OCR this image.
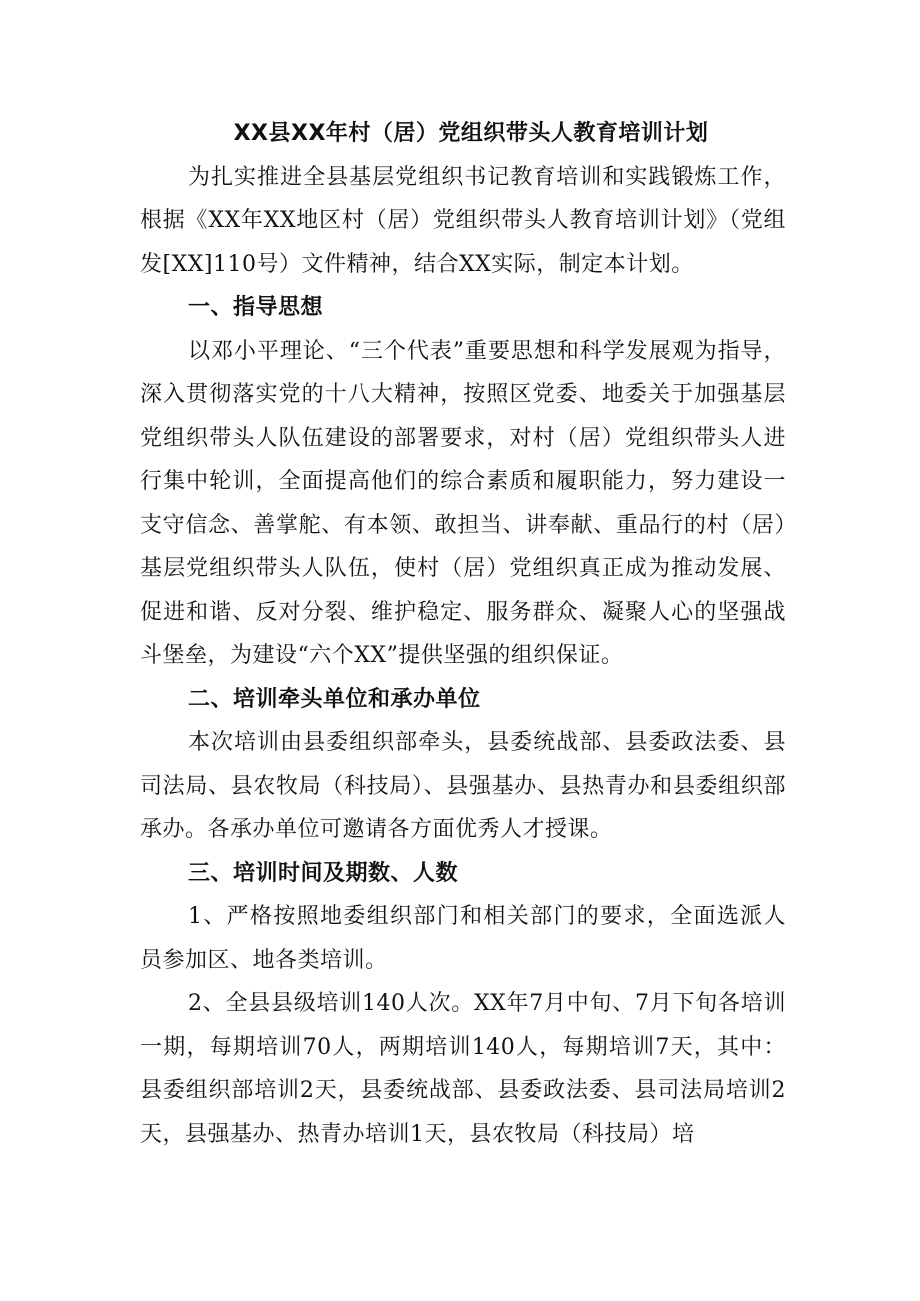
XX县XX年村（居）党组织带头人教育培训计划

为扎实推进全县基层党组织书记教育培训和实践锻炼工作，根据《XX年XX地区村（居）党组织带头人教育培训计划》（党组发[XX]110号）文件精神，结合XX实际，制定本计划。

一、指导思想

以邓小平理论、“三个代表”重要思想和科学发展观为指导，深入贯彻落实党的十八大精神，按照区党委、地委关于加强基层党组织带头人队伍建设的部署要求，对村（居）党组织带头人进行集中轮训，全面提高他们的综合素质和履职能力，努力建设一支守信念、善掌舵、有本领、敢担当、讲奉献、重品行的村（居）基层党组织带头人队伍，使村（居）党组织真正成为推动发展、促进和谐、反对分裂、维护稳定、服务群众、凝聚人心的坚强战斗堡垒，为建设“六个XX”提供坚强的组织保证。

二、培训牵头单位和承办单位

本次培训由县委组织部牵头，县委统战部、县委政法委、县司法局、县农牧局（科技局）、县强基办、县热青办和县委组织部承办。各承办单位可邀请各方面优秀人才授课。

三、培训时间及期数、人数

1、严格按照地委组织部门和相关部门的要求，全面选派人员参加区、地各类培训。

2、全县县级培训140人次。XX年7月中旬、7月下旬各培训一期，每期培训70人，两期培训140人，每期培训7天，其中：县委组织部培训2天，县委统战部、县委政法委、县司法局培训2天，县强基办、热青办培训1天，县农牧局（科技局）培
